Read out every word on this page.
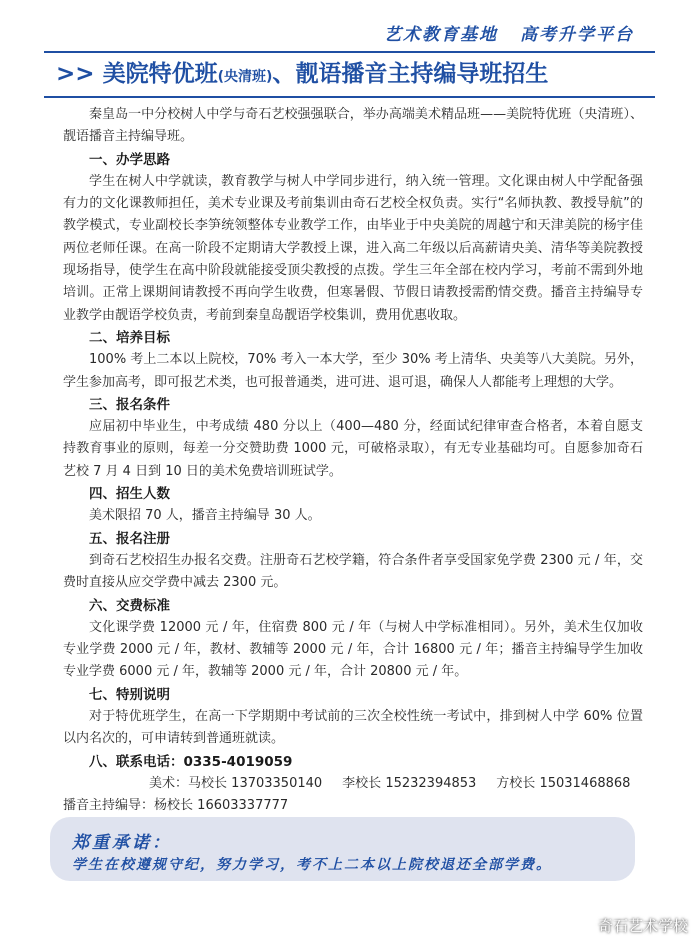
艺术教育基地 高考升学平台
>> 美院特优班(央清班)、靓语播音主持编导班招生

秦皇岛一中分校树人中学与奇石艺校强强联合，举办高端美术精品班——美院特优班（央清班）、靓语播音主持编导班。

一、办学思路

学生在树人中学就读，教育教学与树人中学同步进行，纳入统一管理。文化课由树人中学配备强有力的文化课教师担任，美术专业课及考前集训由奇石艺校全权负责。实行“名师执教、教授导航”的教学模式，专业副校长李笋统领整体专业教学工作，由毕业于中央美院的周越宁和天津美院的杨宇佳两位老师任课。在高一阶段不定期请大学教授上课，进入高二年级以后高薪请央美、清华等美院教授现场指导，使学生在高中阶段就能接受顶尖教授的点拨。学生三年全部在校内学习，考前不需到外地培训。正常上课期间请教授不再向学生收费，但寒暑假、节假日请教授需酌情交费。播音主持编导专业教学由靓语学校负责，考前到秦皇岛靓语学校集训，费用优惠收取。

二、培养目标

100% 考上二本以上院校，70% 考入一本大学，至少 30% 考上清华、央美等八大美院。另外，学生参加高考，即可报艺术类，也可报普通类，进可进、退可退，确保人人都能考上理想的大学。

三、报名条件

应届初中毕业生，中考成绩 480 分以上（400—480 分，经面试纪律审查合格者，本着自愿支持教育事业的原则，每差一分交赞助费 1000 元，可破格录取），有无专业基础均可。自愿参加奇石艺校 7 月 4 日到 10 日的美术免费培训班试学。

四、招生人数

美术限招 70 人，播音主持编导 30 人。

五、报名注册

到奇石艺校招生办报名交费。注册奇石艺校学籍，符合条件者享受国家免学费 2300 元 / 年，交费时直接从应交学费中减去 2300 元。

六、交费标准

文化课学费 12000 元 / 年，住宿费 800 元 / 年（与树人中学标准相同）。另外，美术生仅加收专业学费 2000 元 / 年，教材、教辅等 2000 元 / 年，合计 16800 元 / 年；播音主持编导学生加收专业学费 6000 元 / 年，教辅等 2000 元 / 年，合计 20800 元 / 年。

七、特别说明

对于特优班学生，在高一下学期期中考试前的三次全校性统一考试中，排到树人中学 60% 位置以内名次的，可申请转到普通班就读。

八、联系电话：0335-4019059
美术：马校长 13703350140 李校长 15232394853 方校长 15031468868
播音主持编导：杨校长 16603337777
郑重承诺：
学生在校遵规守纪，努力学习，考不上二本以上院校退还全部学费。
奇石艺术学校
